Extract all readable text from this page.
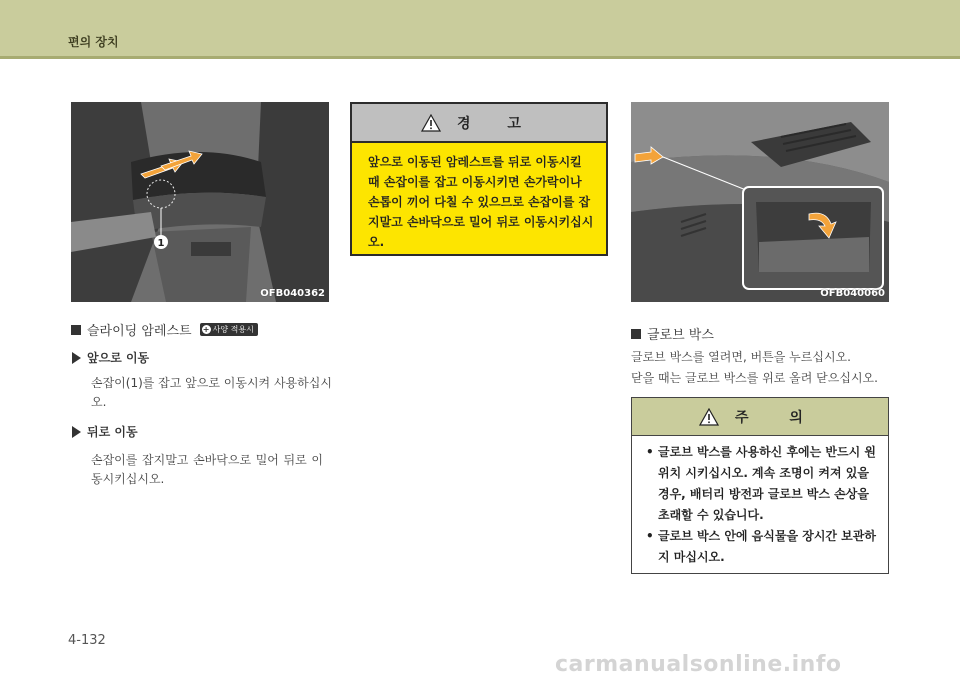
편의 장치
1
OFB040362
경 고
앞으로 이동된 암레스트를 뒤로 이동시킬 때 손잡이를 잡고 이동시키면 손가락이나 손톱이 끼어 다칠 수 있으므로 손잡이를 잡지말고 손바닥으로 밀어 뒤로 이동시키십시오.
OFB040060
슬라이딩 암레스트 + 사양 적용시
앞으로 이동
손잡이(1)를 잡고 앞으로 이동시켜 사용하십시오.
뒤로 이동
손잡이를 잡지말고 손바닥으로 밀어 뒤로 이동시키십시오.
글로브 박스
글로브 박스를 열려면, 버튼을 누르십시오.
닫을 때는 글로브 박스를 위로 올려 닫으십시오.
주 의
• 글로브 박스를 사용하신 후에는 반드시 원위치 시키십시오. 계속 조명이 켜져 있을 경우, 배터리 방전과 글로브 박스 손상을 초래할 수 있습니다.
• 글로브 박스 안에 음식물을 장시간 보관하지 마십시오.
4-132
carmanualsonline.info
